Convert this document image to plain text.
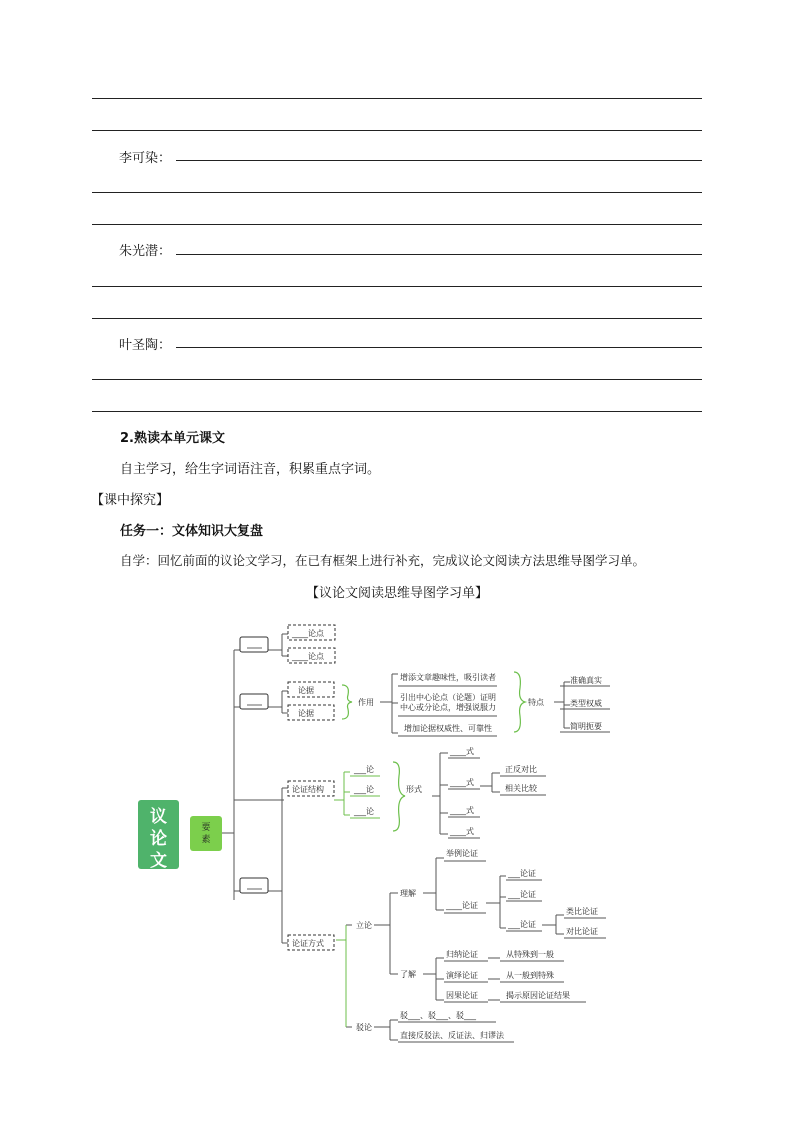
李可染：
朱光潜：
叶圣陶：
2.熟读本单元课文
自主学习，给生字词语注音，积累重点字词。
【课中探究】
任务一：文体知识大复盘
自学：回忆前面的议论文学习，在已有框架上进行补充，完成议论文阅读方法思维导图学习单。
【议论文阅读思维导图学习单】
议
论
文
要
素
____论点
____论点
论据
论据
作用
增添文章趣味性，吸引读者
引出中心论点（论题）证明
中心或分论点，增强说服力
增加论据权威性、可靠性
特点
准确真实
类型权威
简明扼要
论证结构
___论
___论
___论
形式
____式
____式
____式
____式
正反对比
相关比较
论证方式
立论
理解
举例论证
____论证
___论证
___论证
___论证
类比论证
对比论证
了解
归纳论证
演绎论证
因果论证
从特殊到一般
从一般到特殊
揭示原因论证结果
驳论
驳___、驳___、驳___
直接反驳法、反证法、归谬法
